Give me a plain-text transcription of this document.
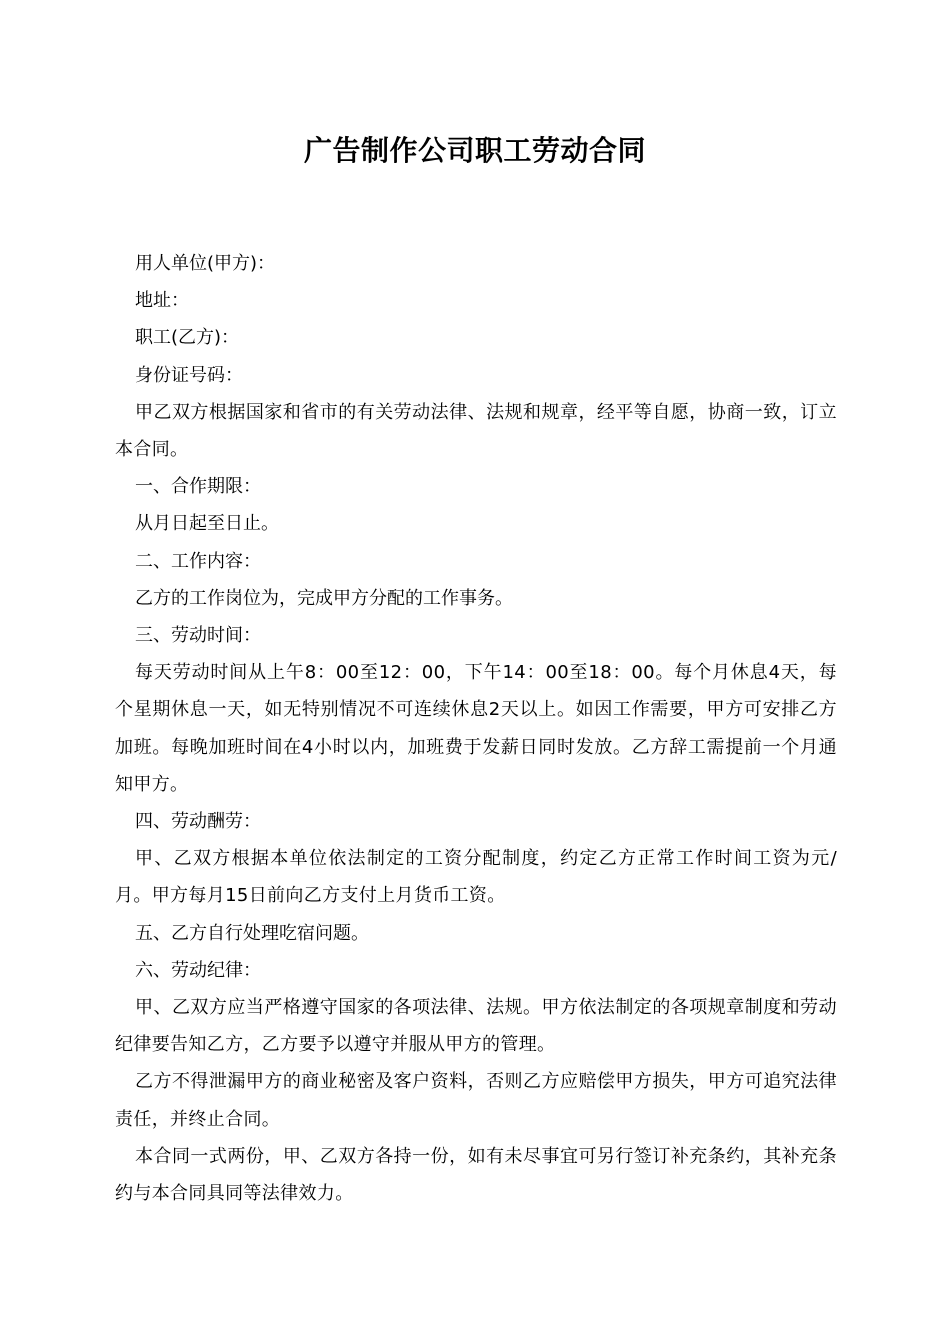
广告制作公司职工劳动合同

用人单位(甲方)：

地址：

职工(乙方)：

身份证号码：

甲乙双方根据国家和省市的有关劳动法律、法规和规章，经平等自愿，协商一致，订立本合同。

一、合作期限：

从月日起至日止。

二、工作内容：

乙方的工作岗位为，完成甲方分配的工作事务。

三、劳动时间：

每天劳动时间从上午8：00至12：00，下午14：00至18：00。每个月休息4天，每个星期休息一天，如无特别情况不可连续休息2天以上。如因工作需要，甲方可安排乙方加班。每晚加班时间在4小时以内，加班费于发薪日同时发放。乙方辞工需提前一个月通知甲方。

四、劳动酬劳：

甲、乙双方根据本单位依法制定的工资分配制度，约定乙方正常工作时间工资为元/月。甲方每月15日前向乙方支付上月货币工资。

五、乙方自行处理吃宿问题。

六、劳动纪律：

甲、乙双方应当严格遵守国家的各项法律、法规。甲方依法制定的各项规章制度和劳动纪律要告知乙方，乙方要予以遵守并服从甲方的管理。

乙方不得泄漏甲方的商业秘密及客户资料，否则乙方应赔偿甲方损失，甲方可追究法律责任，并终止合同。

本合同一式两份，甲、乙双方各持一份，如有未尽事宜可另行签订补充条约，其补充条约与本合同具同等法律效力。
